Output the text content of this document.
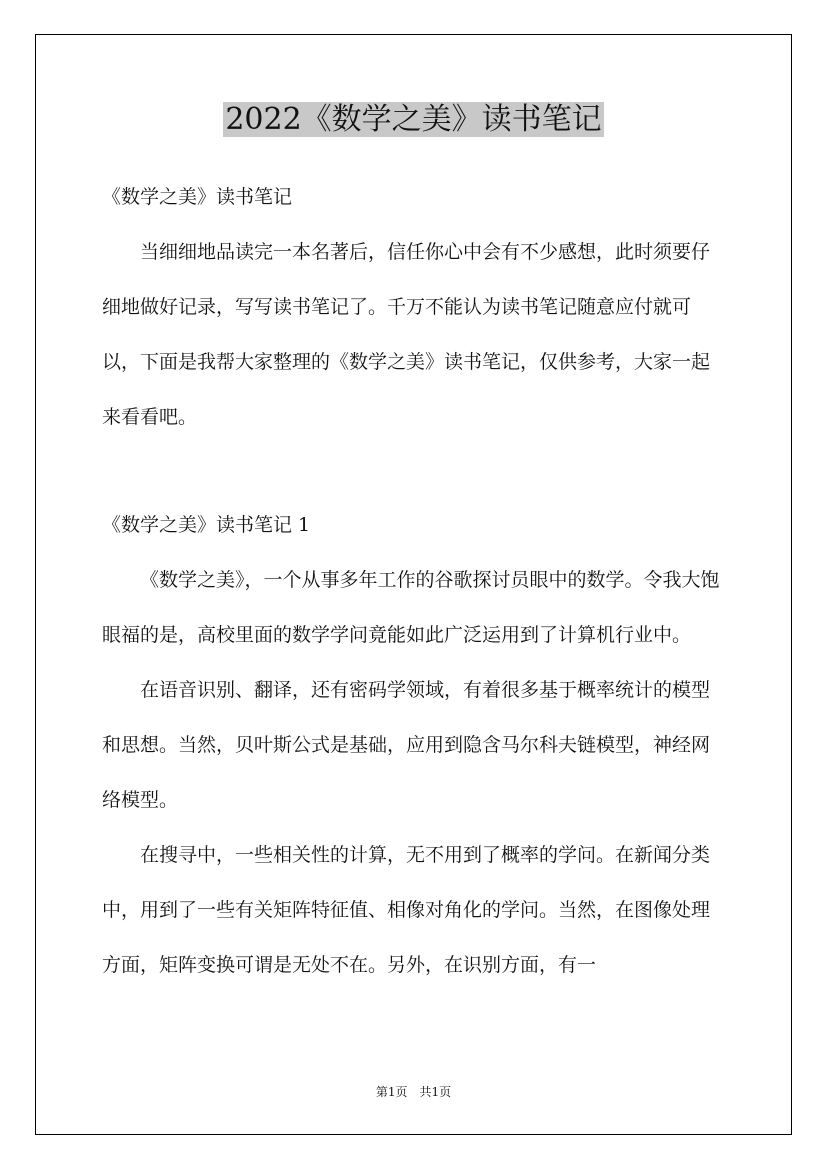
2022《数学之美》读书笔记

《数学之美》读书笔记

当细细地品读完一本名著后，信任你心中会有不少感想，此时须要仔细地做好记录，写写读书笔记了。千万不能认为读书笔记随意应付就可以，下面是我帮大家整理的《数学之美》读书笔记，仅供参考，大家一起来看看吧。

《数学之美》读书笔记 1

《数学之美》，一个从事多年工作的谷歌探讨员眼中的数学。令我大饱眼福的是，高校里面的数学学问竟能如此广泛运用到了计算机行业中。

在语音识别、翻译，还有密码学领域，有着很多基于概率统计的模型和思想。当然，贝叶斯公式是基础，应用到隐含马尔科夫链模型，神经网络模型。

在搜寻中，一些相关性的计算，无不用到了概率的学问。在新闻分类中，用到了一些有关矩阵特征值、相像对角化的学问。当然，在图像处理方面，矩阵变换可谓是无处不在。另外，在识别方面，有一

第1页 共1页
